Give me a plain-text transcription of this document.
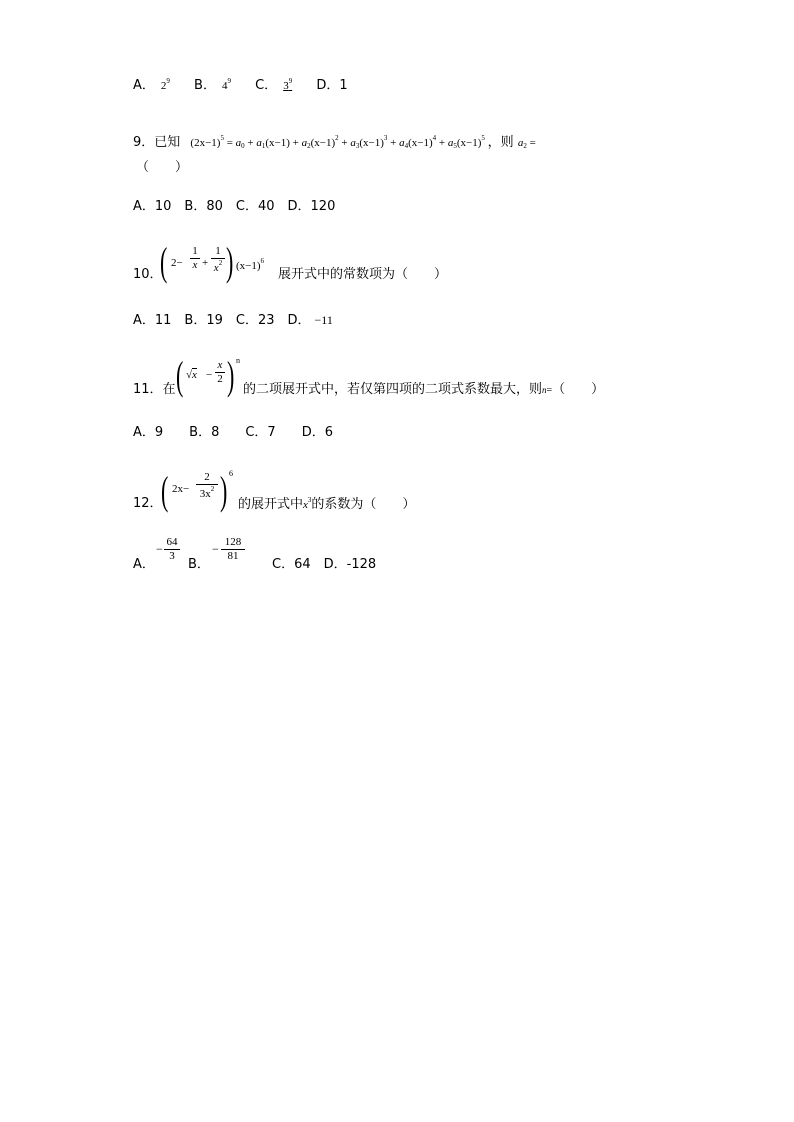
A． $2^9$ B． $4^9$ C． $3^9$ D．1
9．已知 $(2x-1)^5 = a_0 + a_1(x-1) + a_2(x-1)^2 + a_3(x-1)^3 + a_4(x-1)^4 + a_5(x-1)^5$ ，则 $a_2$ =
（　　）
A．10　B．80　C．40　D．120
10．
( 2−
1
x +
1
$x^2$ ) $(x-1)^6$
展开式中的常数项为（　　）
A．11　B．19　C．23　D． −11
11．在 ( √x −
x
2 ) n
的二项展开式中，若仅第四项的二项式系数最大，则n=（　　）
A．9　　B．8　　C．7　　D．6
12．
( 2x−
2
$3x^2$ ) 6
的展开式中$x^3$的系数为（　　）
A．
− 64
3
B．
− 128
81
C．64　D．-128
